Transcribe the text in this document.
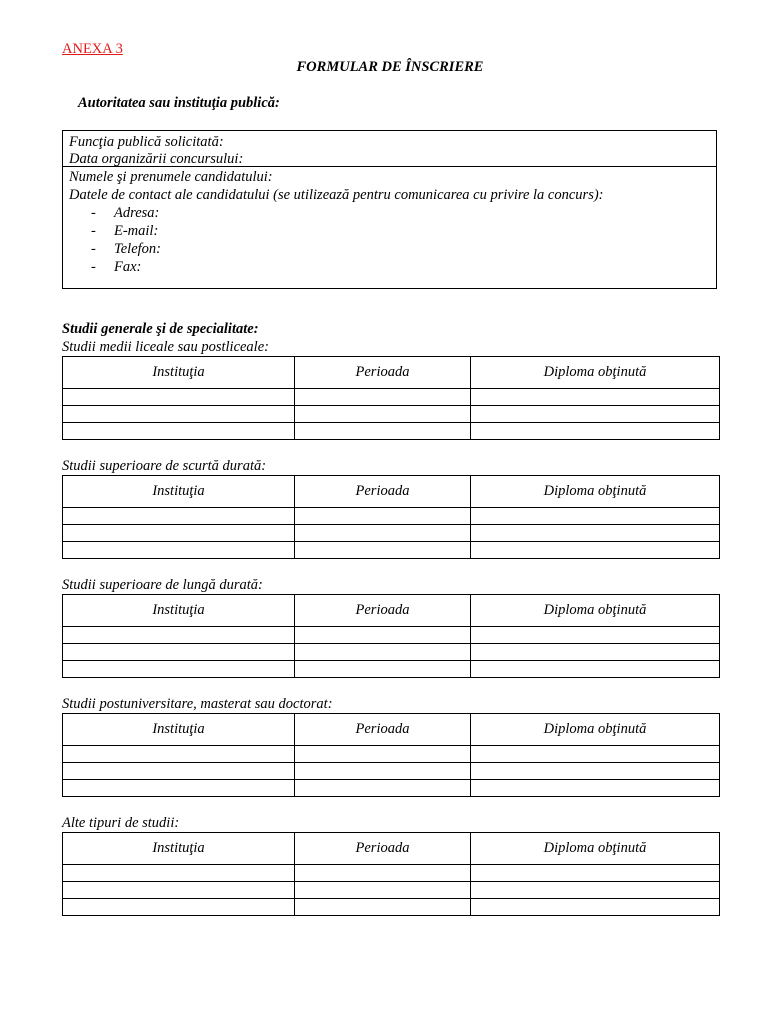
ANEXA 3
FORMULAR DE ÎNSCRIERE
Autoritatea sau instituţia publică:
Funcţia publică solicitată:
Data organizării concursului:
Numele şi prenumele candidatului:
Datele de contact ale candidatului (se utilizează pentru comunicarea cu privire la concurs):
- Adresa:
- E-mail:
- Telefon:
- Fax:
Studii generale şi de specialitate:
Studii medii liceale sau postliceale:
Instituţia	Perioada	Diploma obţinută

Studii superioare de scurtă durată:
Instituţia	Perioada	Diploma obţinută

Studii superioare de lungă durată:
Instituţia	Perioada	Diploma obţinută

Studii postuniversitare, masterat sau doctorat:
Instituţia	Perioada	Diploma obţinută

Alte tipuri de studii:
Instituţia	Perioada	Diploma obţinută
